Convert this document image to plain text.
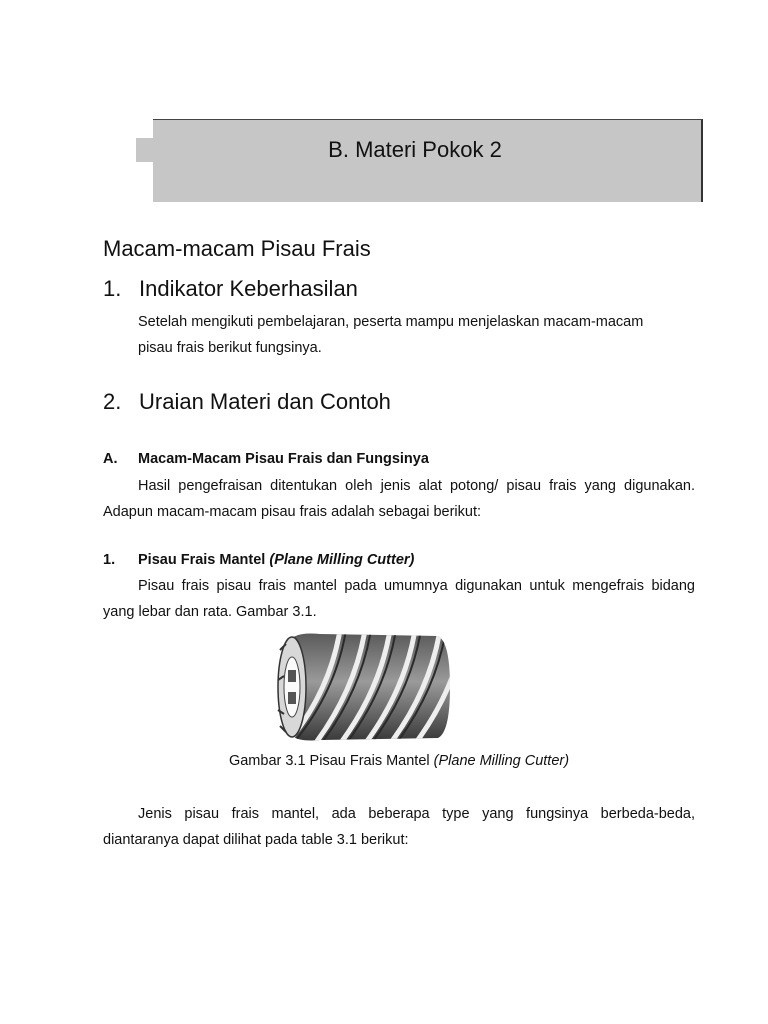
B. Materi Pokok 2
Macam-macam Pisau Frais
1. Indikator Keberhasilan
Setelah mengikuti pembelajaran, peserta mampu menjelaskan macam-macam
pisau frais berikut fungsinya.
2. Uraian Materi dan Contoh
A. Macam-Macam Pisau Frais dan Fungsinya
Hasil pengefraisan ditentukan oleh jenis alat potong/ pisau frais yang digunakan. Adapun macam-macam pisau frais adalah sebagai berikut:
1. Pisau Frais Mantel (Plane Milling Cutter)
Pisau frais pisau frais mantel pada umumnya digunakan untuk mengefrais bidang yang lebar dan rata. Gambar 3.1.
Gambar 3.1 Pisau Frais Mantel (Plane Milling Cutter)
Jenis pisau frais mantel, ada beberapa type yang fungsinya berbeda-beda, diantaranya dapat dilihat pada table 3.1 berikut:
